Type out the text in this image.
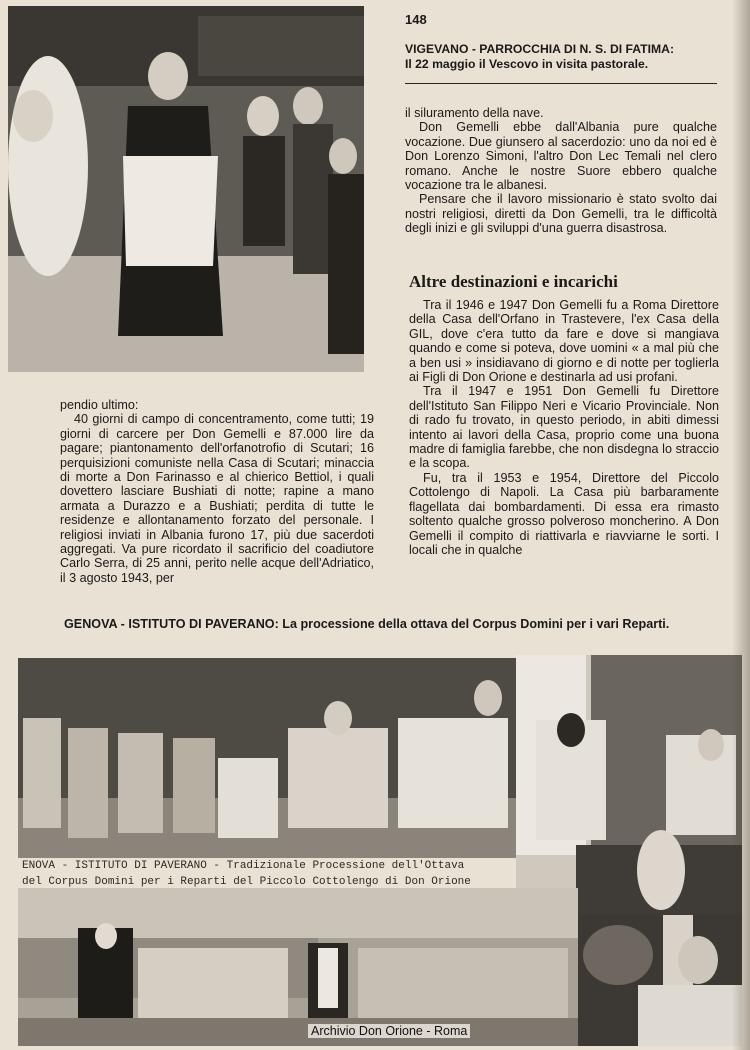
148
VIGEVANO - PARROCCHIA DI N. S. DI FATIMA:
Il 22 maggio il Vescovo in visita pastorale.

il siluramento della nave.

Don Gemelli ebbe dall'Albania pure qualche vocazione. Due giunsero al sacerdozio: uno da noi ed è Don Lorenzo Simoni, l'altro Don Lec Temali nel clero romano. Anche le nostre Suore ebbero qualche vocazione tra le albanesi.

Pensare che il lavoro missionario è stato svolto dai nostri religiosi, diretti da Don Gemelli, tra le difficoltà degli inizi e gli sviluppi d'una guerra disastrosa.

Altre destinazioni e incarichi

Tra il 1946 e 1947 Don Gemelli fu a Roma Direttore della Casa dell'Orfano in Trastevere, l'ex Casa della GIL, dove c'era tutto da fare e dove si mangiava quando e come si poteva, dove uomini « a mal più che a ben usi » insidiavano di giorno e di notte per toglierla ai Figli di Don Orione e destinarla ad usi profani.

Tra il 1947 e 1951 Don Gemelli fu Direttore dell'Istituto San Filippo Neri e Vicario Provinciale. Non di rado fu trovato, in questo periodo, in abiti dimessi intento ai lavori della Casa, proprio come una buona madre di famiglia farebbe, che non disdegna lo straccio e la scopa.

Fu, tra il 1953 e 1954, Direttore del Piccolo Cottolengo di Napoli. La Casa più barbaramente flagellata dai bombardamenti. Di essa era rimasto soltento qualche grosso polveroso moncherino. A Don Gemelli il compito di riattivarla e riavviarne le sorti. I locali che in qualche

pendio ultimo:

40 giorni di campo di concentramento, come tutti; 19 giorni di carcere per Don Gemelli e 87.000 lire da pagare; piantonamento dell'orfanotrofio di Scutari; 16 perquisizioni comuniste nella Casa di Scutari; minaccia di morte a Don Farinasso e al chierico Bettiol, i quali dovettero lasciare Bushiati di notte; rapine a mano armata a Durazzo e a Bushiati; perdita di tutte le residenze e allontanamento forzato del personale. I religiosi inviati in Albania furono 17, più due sacerdoti aggregati. Va pure ricordato il sacrificio del coadiutore Carlo Serra, di 25 anni, perito nelle acque dell'Adriatico, il 3 agosto 1943, per

GENOVA - ISTITUTO DI PAVERANO: La processione della ottava del Corpus Domini per i vari Reparti.
ENOVA - ISTITUTO DI PAVERANO - Tradizionale Processione dell'Ottava
del Corpus Domini per i Reparti del Piccolo Cottolengo di Don Orione
Archivio Don Orione - Roma
